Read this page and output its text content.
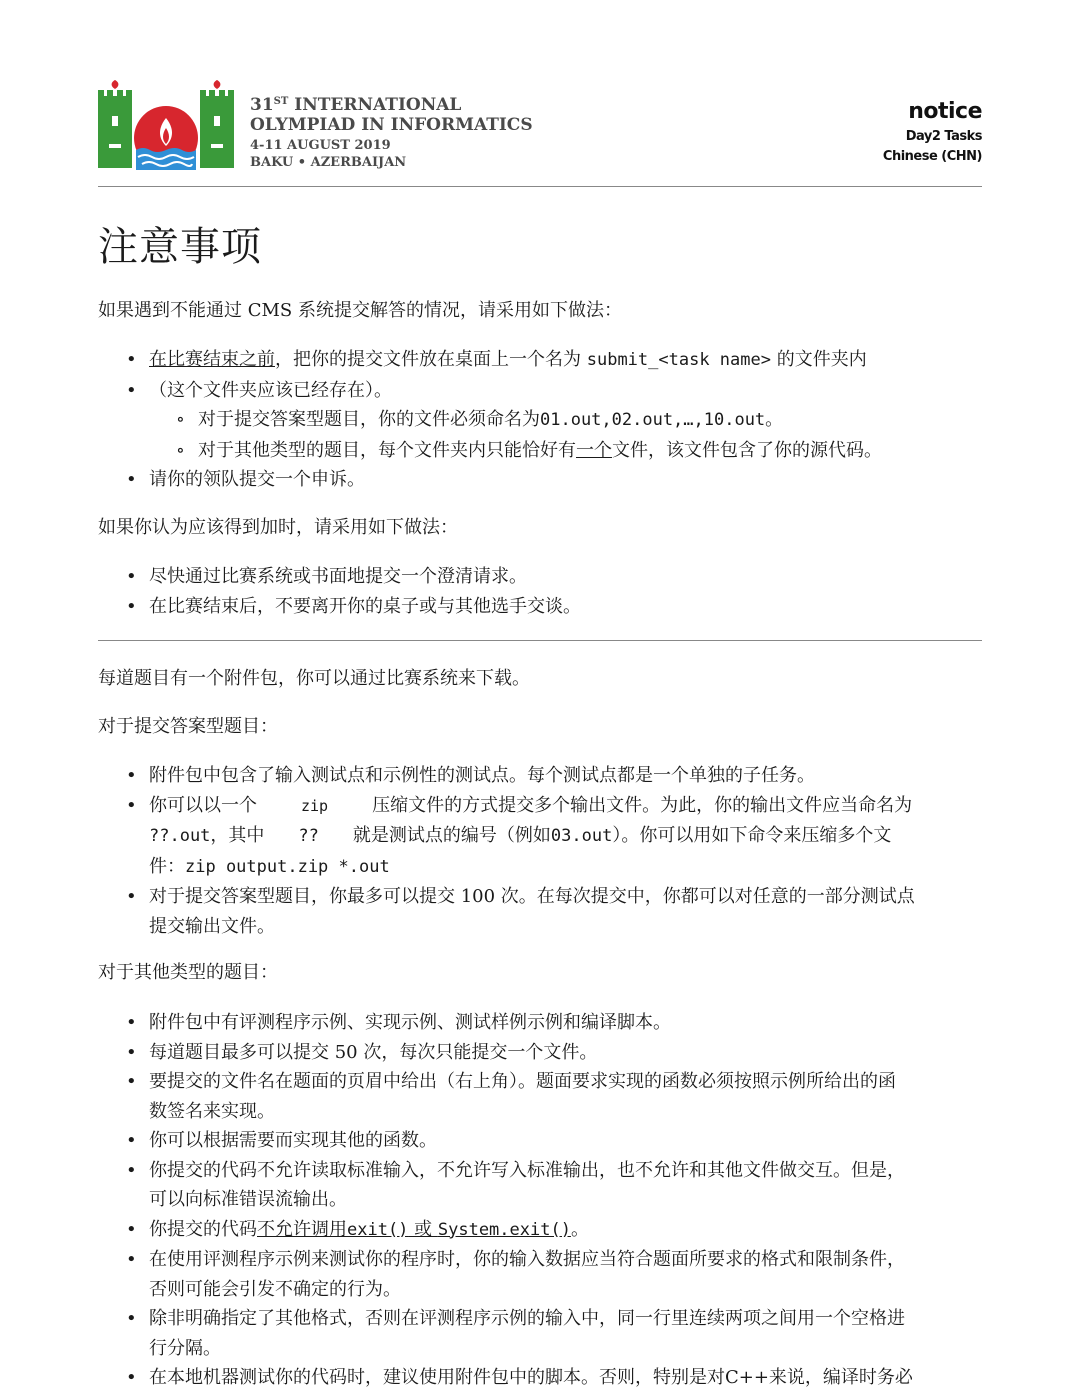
31ST INTERNATIONAL
OLYMPIAD IN INFORMATICS
4-11 AUGUST 2019
BAKU • AZERBAIJAN
notice
Day2 Tasks
Chinese (CHN)
注意事项

如果遇到不能通过 CMS 系统提交解答的情况，请采用如下做法：

• 在比赛结束之前，把你的提交文件放在桌面上一个名为 submit_<task name> 的文件夹内
• （这个文件夹应该已经存在）。
∘ 对于提交答案型题目，你的文件必须命名为01.out,02.out,…,10.out。
∘ 对于其他类型的题目，每个文件夹内只能恰好有一个文件，该文件包含了你的源代码。
• 请你的领队提交一个申诉。

如果你认为应该得到加时，请采用如下做法：

• 尽快通过比赛系统或书面地提交一个澄清请求。
• 在比赛结束后，不要离开你的桌子或与其他选手交谈。

每道题目有一个附件包，你可以通过比赛系统来下载。

对于提交答案型题目：

• 附件包中包含了输入测试点和示例性的测试点。每个测试点都是一个单独的子任务。
• 你可以以一个	zip 压缩文件的方式提交多个输出文件。为此，你的输出文件应当命名为
??.out，其中 ?? 就是测试点的编号（例如03.out）。你可以用如下命令来压缩多个文
件：zip output.zip *.out
• 对于提交答案型题目，你最多可以提交 100 次。在每次提交中，你都可以对任意的一部分测试点
提交输出文件。

对于其他类型的题目：

• 附件包中有评测程序示例、实现示例、测试样例示例和编译脚本。
• 每道题目最多可以提交 50 次，每次只能提交一个文件。
• 要提交的文件名在题面的页眉中给出（右上角）。题面要求实现的函数必须按照示例所给出的函
数签名来实现。
• 你可以根据需要而实现其他的函数。
• 你提交的代码不允许读取标准输入，不允许写入标准输出，也不允许和其他文件做交互。但是，
可以向标准错误流输出。
• 你提交的代码不允许调用exit() 或 System.exit()。
• 在使用评测程序示例来测试你的程序时，你的输入数据应当符合题面所要求的格式和限制条件，
否则可能会引发不确定的行为。
• 除非明确指定了其他格式，否则在评测程序示例的输入中，同一行里连续两项之间用一个空格进
行分隔。
• 在本地机器测试你的代码时，建议使用附件包中的脚本。否则，特别是对C++来说，编译时务必
